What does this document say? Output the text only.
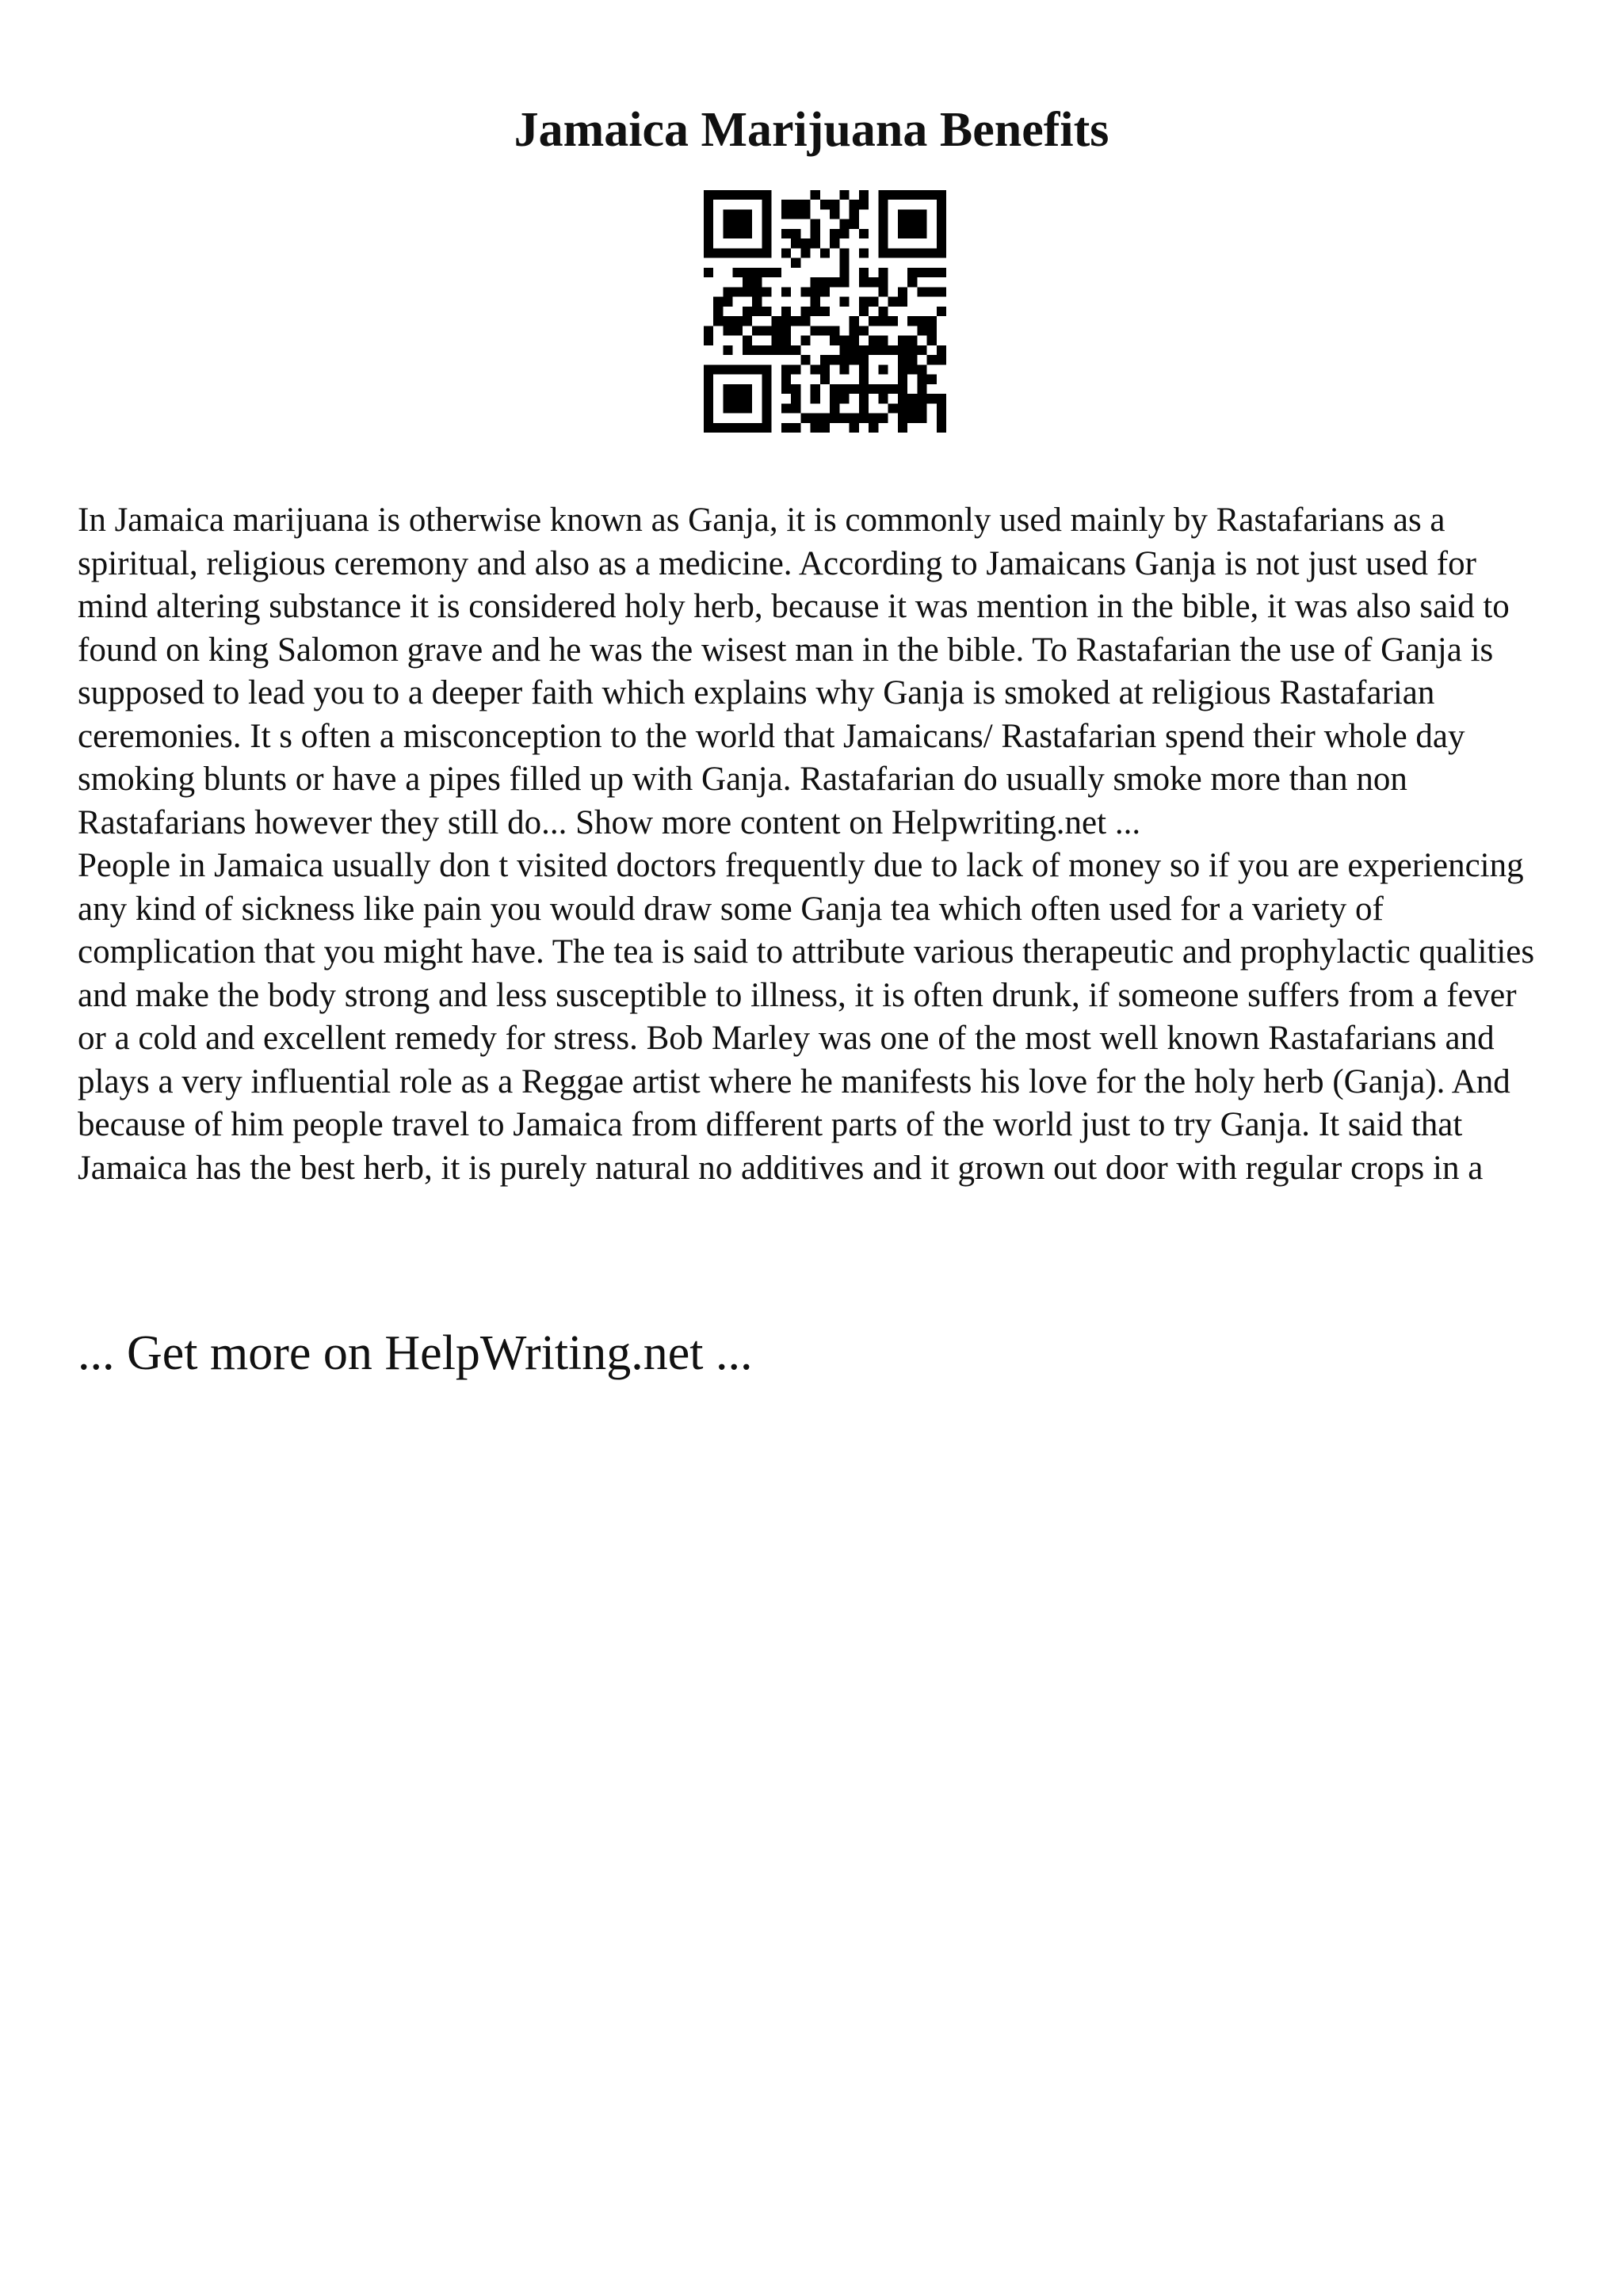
Jamaica Marijuana Benefits

In Jamaica marijuana is otherwise known as Ganja, it is commonly used mainly by Rastafarians as a spiritual, religious ceremony and also as a medicine. According to Jamaicans Ganja is not just used for mind altering substance it is considered holy herb, because it was mention in the bible, it was also said to found on king Salomon grave and he was the wisest man in the bible. To Rastafarian the use of Ganja is supposed to lead you to a deeper faith which explains why Ganja is smoked at religious Rastafarian ceremonies. It s often a misconception to the world that Jamaicans/ Rastafarian spend their whole day smoking blunts or have a pipes filled up with Ganja. Rastafarian do usually smoke more than non Rastafarians however they still do... Show more content on Helpwriting.net ...

People in Jamaica usually don t visited doctors frequently due to lack of money so if you are experiencing any kind of sickness like pain you would draw some Ganja tea which often used for a variety of complication that you might have. The tea is said to attribute various therapeutic and prophylactic qualities and make the body strong and less susceptible to illness, it is often drunk, if someone suffers from a fever or a cold and excellent remedy for stress. Bob Marley was one of the most well known Rastafarians and plays a very influential role as a Reggae artist where he manifests his love for the holy herb (Ganja). And because of him people travel to Jamaica from different parts of the world just to try Ganja. It said that Jamaica has the best herb, it is purely natural no additives and it grown out door with regular crops in a

... Get more on HelpWriting.net ...
